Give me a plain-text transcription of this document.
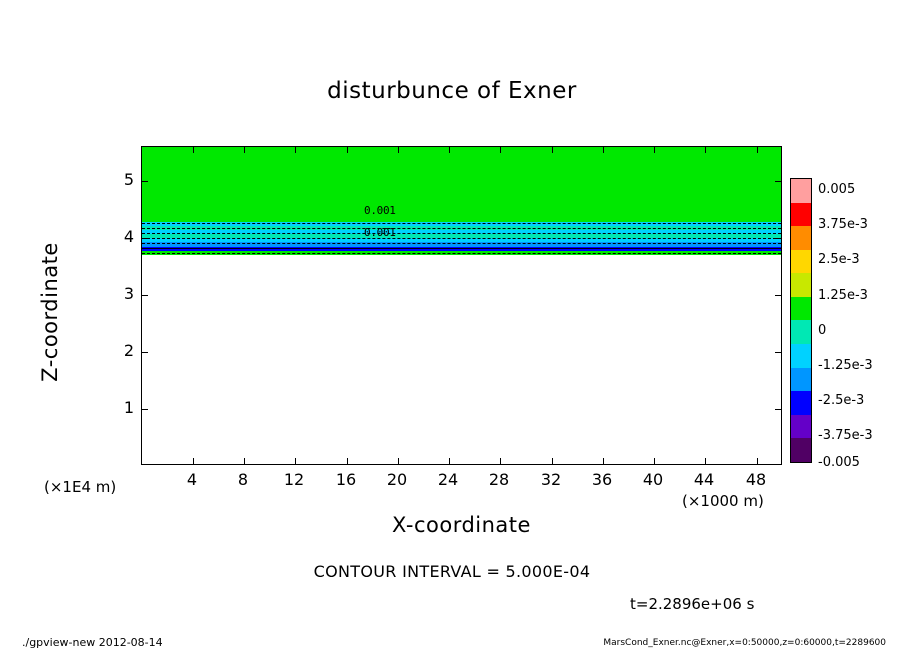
disturbunce of Exner
0.001
0.001
4	8	12	16	20	24	28	32	36	40	44	48
1
2
3
4
5
(×1E4 m)
(×1000 m)
X-coordinate
Z-coordinate
0.005
3.75e-3
2.5e-3
1.25e-3
0
-1.25e-3
-2.5e-3
-3.75e-3
-0.005
CONTOUR INTERVAL = 5.000E-04
t=2.2896e+06 s
./gpview-new 2012-08-14	MarsCond_Exner.nc@Exner,x=0:50000,z=0:60000,t=2289600
